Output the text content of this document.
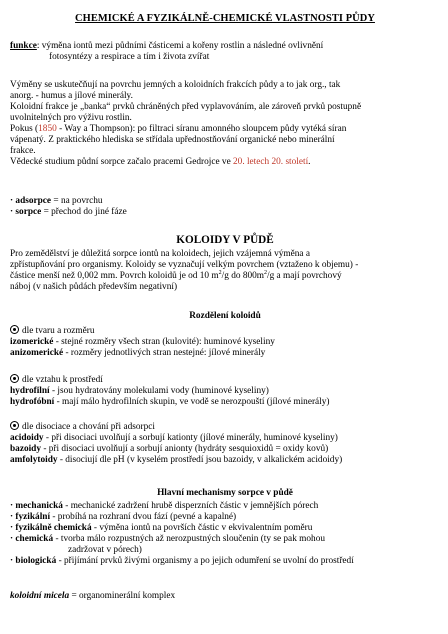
CHEMICKÉ A FYZIKÁLNĚ-CHEMICKÉ VLASTNOSTI PŮDY
funkce: výměna iontů mezi půdními částicemi a kořeny rostlin a následné ovlivnění
fotosyntézy a respirace a tím i života zvířat
Výměny se uskutečňují na povrchu jemných a koloidních frakcích půdy a to jak org., tak
anorg. - humus a jílové minerály.
Koloidní frakce je „banka“ prvků chráněných před vyplavováním, ale zároveň prvků postupně
uvolnitelných pro výživu rostlin.
Pokus (1850 - Way a Thompson): po filtraci síranu amonného sloupcem půdy vytéká síran
vápenatý. Z praktického hlediska se střídala upřednostňování organické nebo minerální
frakce.
Vědecké studium půdní sorpce začalo pracemi Gedrojce ve 20. letech 20. století.
· adsorpce = na povrchu
· sorpce = přechod do jiné fáze
KOLOIDY V PŮDĚ
Pro zemědělství je důležitá sorpce iontů na koloidech, jejich vzájemná výměna a
zpřístupňování pro organismy. Koloidy se vyznačují velkým povrchem (vztaženo k objemu) -
částice menší než 0,002 mm. Povrch koloidů je od 10 $m^2/g$ do $800m^2/g$ a mají povrchový
náboj (v našich půdách především negativní)
Rozdělení koloidů
dle tvaru a rozměru
izomerické - stejné rozměry všech stran (kulovité): huminové kyseliny
anizomerické - rozměry jednotlivých stran nestejné: jílové minerály
dle vztahu k prostředí
hydrofilní - jsou hydratovány molekulami vody (huminové kyseliny)
hydrofóbní - mají málo hydrofilních skupin, ve vodě se nerozpouští (jílové minerály)
dle disociace a chování při adsorpci
acidoidy - při disociaci uvolňují a sorbují kationty (jílové minerály, huminové kyseliny)
bazoidy - při disociaci uvolňují a sorbují anionty (hydráty sesquioxidů = oxidy kovů)
amfolytoidy - disociují dle pH (v kyselém prostředí jsou bazoidy, v alkalickém acidoidy)
Hlavní mechanismy sorpce v půdě
· mechanická - mechanické zadržení hrubě disperzních částic v jemnějších pórech
· fyzikální - probíhá na rozhraní dvou fází (pevné a kapalné)
· fyzikálně chemická - výměna iontů na površích částic v ekvivalentním poměru
· chemická - tvorba málo rozpustných až nerozpustných sloučenin (ty se pak mohou
zadržovat v pórech)
· biologická - přijímání prvků živými organismy a po jejich odumření se uvolní do prostředí
koloidní micela = organominerální komplex
